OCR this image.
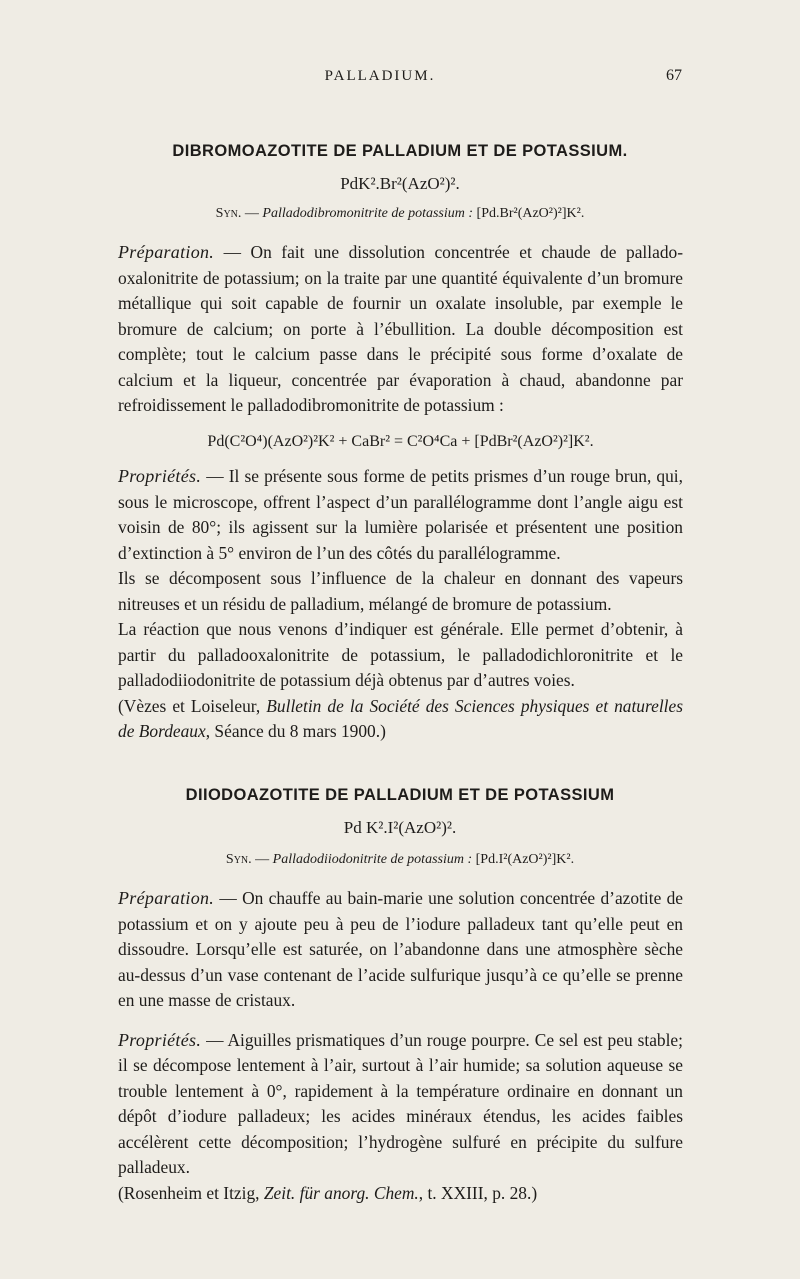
PALLADIUM.	67
DIBROMOAZOTITE DE PALLADIUM ET DE POTASSIUM.
PdK².Br²(AzO²)².
Syn. — Palladodibromonitrite de potassium : [Pd.Br²(AzO²)²]K².

Préparation. — On fait une dissolution concentrée et chaude de pallado-oxalonitrite de potassium; on la traite par une quantité équivalente d’un bromure métallique qui soit capable de fournir un oxalate insoluble, par exemple le bromure de calcium; on porte à l’ébullition. La double décomposition est complète; tout le calcium passe dans le précipité sous forme d’oxalate de calcium et la liqueur, concentrée par évaporation à chaud, abandonne par refroidissement le palladodibromonitrite de potassium :

Pd(C²O⁴)(AzO²)²K² + CaBr² = C²O⁴Ca + [PdBr²(AzO²)²]K².

Propriétés. — Il se présente sous forme de petits prismes d’un rouge brun, qui, sous le microscope, offrent l’aspect d’un parallélogramme dont l’angle aigu est voisin de 80°; ils agissent sur la lumière polarisée et présentent une position d’extinction à 5° environ de l’un des côtés du parallélogramme.

Ils se décomposent sous l’influence de la chaleur en donnant des vapeurs nitreuses et un résidu de palladium, mélangé de bromure de potassium.

La réaction que nous venons d’indiquer est générale. Elle permet d’obtenir, à partir du palladooxalonitrite de potassium, le palladodichloronitrite et le palladodiiodonitrite de potassium déjà obtenus par d’autres voies.

(Vèzes et Loiseleur, Bulletin de la Société des Sciences physiques et naturelles de Bordeaux, Séance du 8 mars 1900.)

DIIODOAZOTITE DE PALLADIUM ET DE POTASSIUM
Pd K².I²(AzO²)².
Syn. — Palladodiiodonitrite de potassium : [Pd.I²(AzO²)²]K².

Préparation. — On chauffe au bain-marie une solution concentrée d’azotite de potassium et on y ajoute peu à peu de l’iodure palladeux tant qu’elle peut en dissoudre. Lorsqu’elle est saturée, on l’abandonne dans une atmosphère sèche au-dessus d’un vase contenant de l’acide sulfurique jusqu’à ce qu’elle se prenne en une masse de cristaux.

Propriétés. — Aiguilles prismatiques d’un rouge pourpre. Ce sel est peu stable; il se décompose lentement à l’air, surtout à l’air humide; sa solution aqueuse se trouble lentement à 0°, rapidement à la température ordinaire en donnant un dépôt d’iodure palladeux; les acides minéraux étendus, les acides faibles accélèrent cette décomposition; l’hydrogène sulfuré en précipite du sulfure palladeux.

(Rosenheim et Itzig, Zeit. für anorg. Chem., t. XXIII, p. 28.)
